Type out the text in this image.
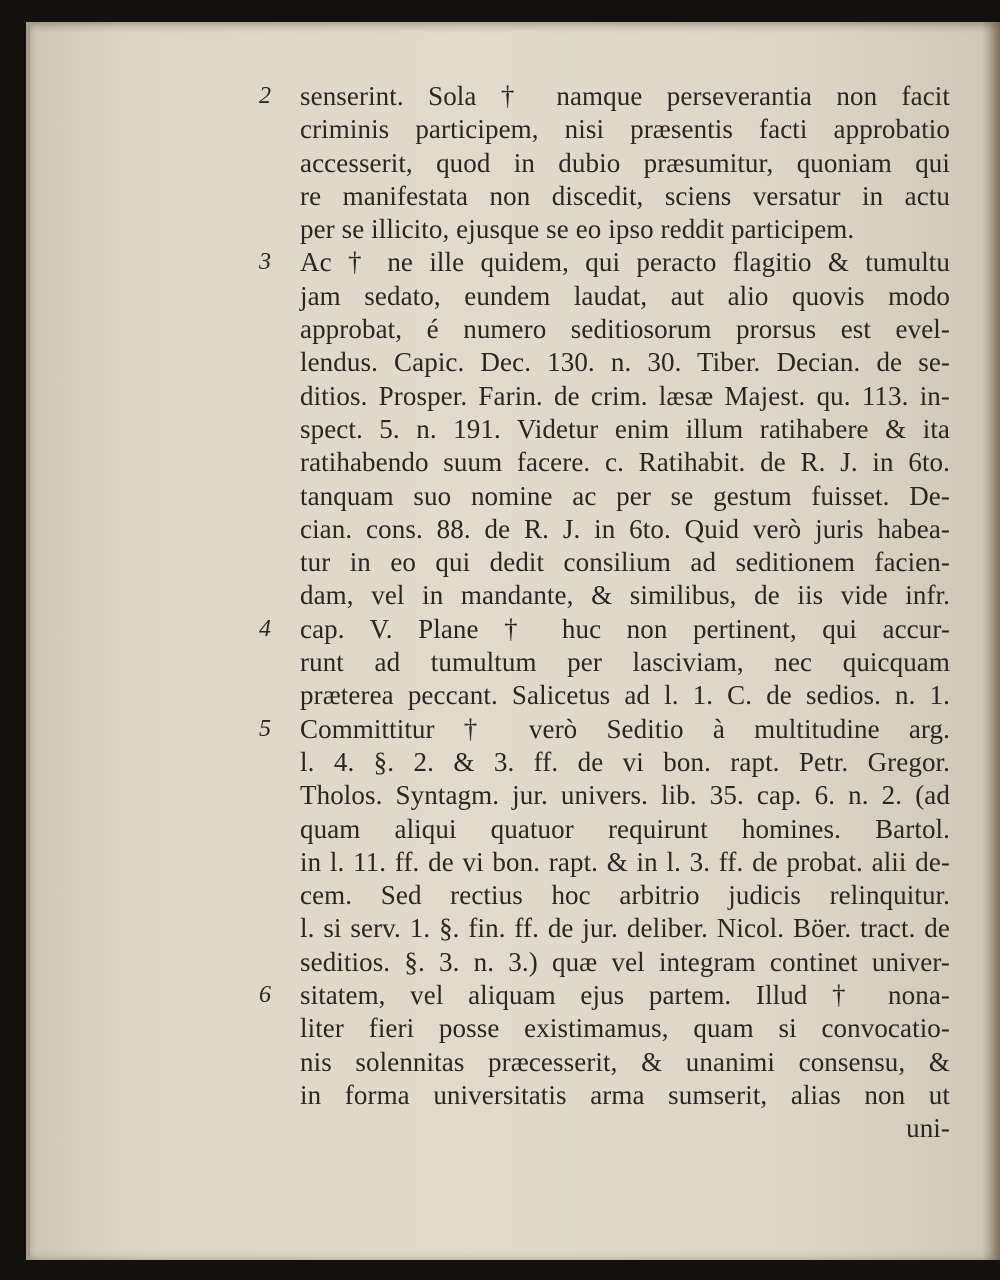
2
3
4
5
6
senserint. Sola † namque perseverantia non facit
criminis participem, nisi præsentis facti approbatio
accesserit, quod in dubio præsumitur, quoniam qui
re manifestata non discedit, sciens versatur in actu
per se illicito, ejusque se eo ipso reddit participem.
Ac † ne ille quidem, qui peracto flagitio & tumultu
jam sedato, eundem laudat, aut alio quovis modo
approbat, é numero seditiosorum prorsus est evel-
lendus. Capic. Dec. 130. n. 30. Tiber. Decian. de se-
ditios. Prosper. Farin. de crim. læsæ Majest. qu. 113. in-
spect. 5. n. 191. Videtur enim illum ratihabere & ita
ratihabendo suum facere. c. Ratihabit. de R. J. in 6to.
tanquam suo nomine ac per se gestum fuisset. De-
cian. cons. 88. de R. J. in 6to. Quid verò juris habea-
tur in eo qui dedit consilium ad seditionem facien-
dam, vel in mandante, & similibus, de iis vide infr.
cap. V. Plane † huc non pertinent, qui accur-
runt ad tumultum per lasciviam, nec quicquam
præterea peccant. Salicetus ad l. 1. C. de sedios. n. 1.
Committitur † verò Seditio à multitudine arg.
l. 4. §. 2. & 3. ff. de vi bon. rapt. Petr. Gregor.
Tholos. Syntagm. jur. univers. lib. 35. cap. 6. n. 2. (ad
quam aliqui quatuor requirunt homines. Bartol.
in l. 11. ff. de vi bon. rapt. & in l. 3. ff. de probat. alii de-
cem. Sed rectius hoc arbitrio judicis relinquitur.
l. si serv. 1. §. fin. ff. de jur. deliber. Nicol. Böer. tract. de
seditios. §. 3. n. 3.) quæ vel integram continet univer-
sitatem, vel aliquam ejus partem. Illud † nona-
liter fieri posse existimamus, quam si convocatio-
nis solennitas præcesserit, & unanimi consensu, &
in forma universitatis arma sumserit, alias non ut
uni-
